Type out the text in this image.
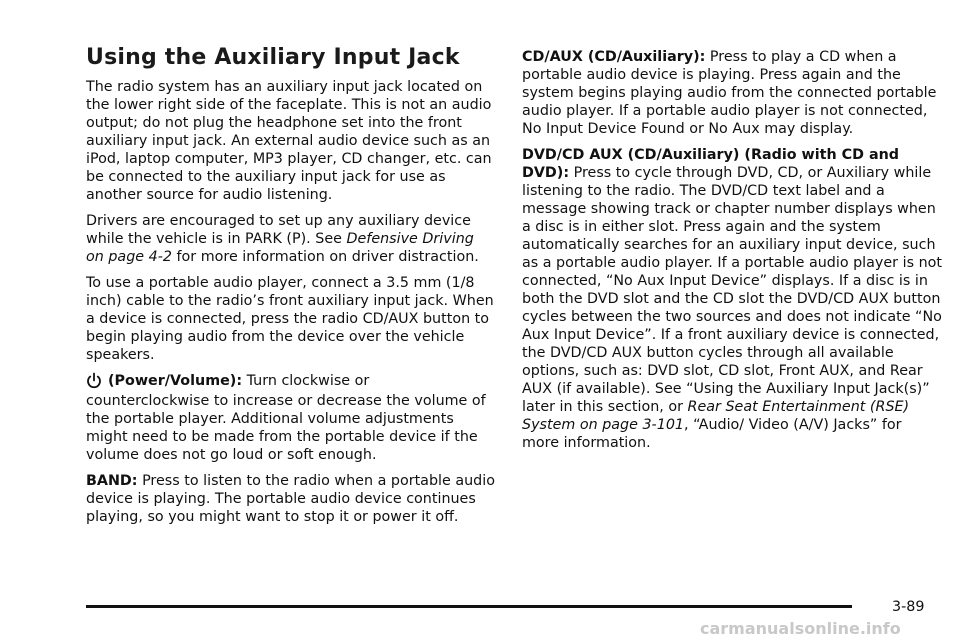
Using the Auxiliary Input Jack

The radio system has an auxiliary input jack located on the lower right side of the faceplate. This is not an audio output; do not plug the headphone set into the front auxiliary input jack. An external audio device such as an iPod, laptop computer, MP3 player, CD changer, etc. can be connected to the auxiliary input jack for use as another source for audio listening.

Drivers are encouraged to set up any auxiliary device while the vehicle is in PARK (P). See Defensive Driving on page 4-2 for more information on driver distraction.

To use a portable audio player, connect a 3.5 mm (1/8 inch) cable to the radio’s front auxiliary input jack. When a device is connected, press the radio CD/AUX button to begin playing audio from the device over the vehicle speakers.

(Power/Volume): Turn clockwise or

counterclockwise to increase or decrease the volume of the portable player. Additional volume adjustments might need to be made from the portable device if the volume does not go loud or soft enough.

BAND: Press to listen to the radio when a portable audio device is playing. The portable audio device continues playing, so you might want to stop it or power it off.

CD/AUX (CD/Auxiliary): Press to play a CD when a portable audio device is playing. Press again and the system begins playing audio from the connected portable audio player. If a portable audio player is not connected, No Input Device Found or No Aux may display.

DVD/CD AUX (CD/Auxiliary) (Radio with CD and DVD): Press to cycle through DVD, CD, or Auxiliary while listening to the radio. The DVD/CD text label and a message showing track or chapter number displays when a disc is in either slot. Press again and the system automatically searches for an auxiliary input device, such as a portable audio player. If a portable audio player is not connected, “No Aux Input Device” displays. If a disc is in both the DVD slot and the CD slot the DVD/CD AUX button cycles between the two sources and does not indicate “No Aux Input Device”. If a front auxiliary device is connected, the DVD/CD AUX button cycles through all available options, such as: DVD slot, CD slot, Front AUX, and Rear AUX (if available). See “Using the Auxiliary Input Jack(s)” later in this section, or Rear Seat Entertainment (RSE) System on page 3-101, “Audio/ Video (A/V) Jacks” for more information.

3-89
carmanualsonline.info
